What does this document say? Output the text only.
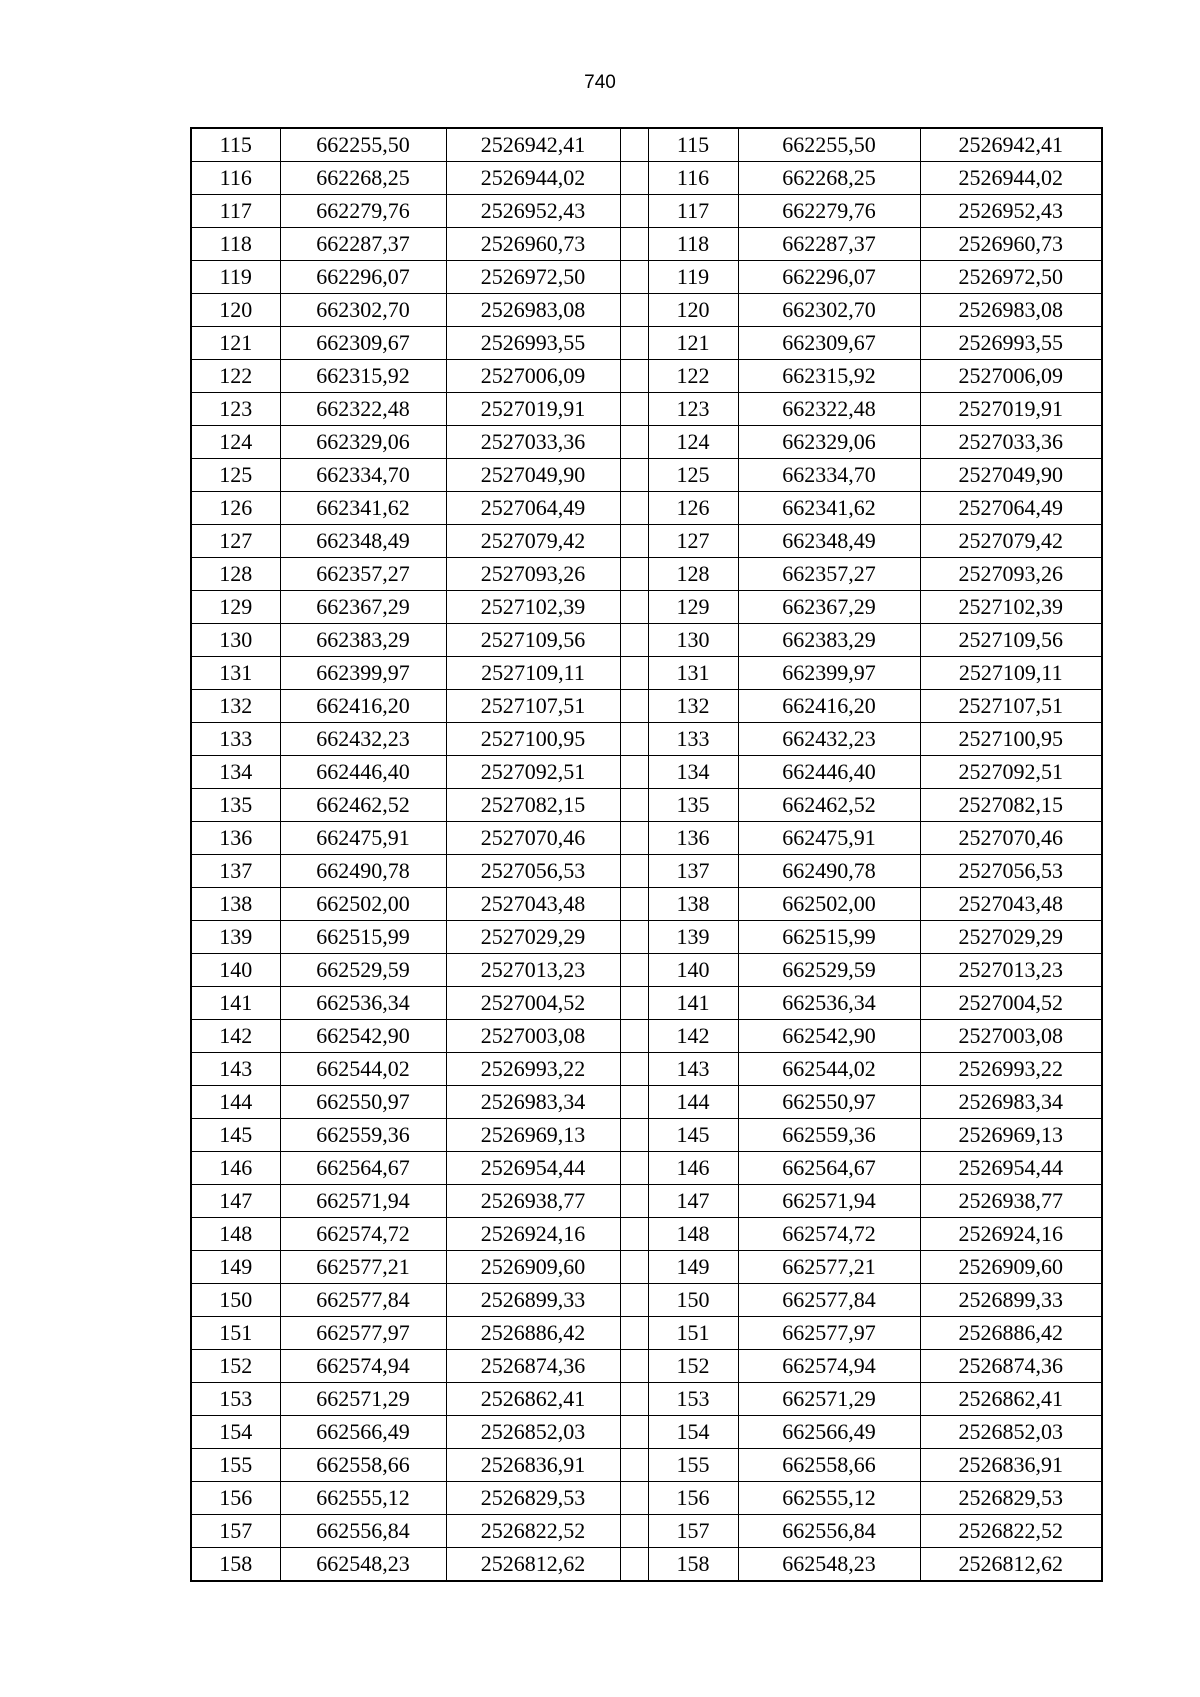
740
115	662255,50	2526942,41		115	662255,50	2526942,41
116	662268,25	2526944,02		116	662268,25	2526944,02
117	662279,76	2526952,43		117	662279,76	2526952,43
118	662287,37	2526960,73		118	662287,37	2526960,73
119	662296,07	2526972,50		119	662296,07	2526972,50
120	662302,70	2526983,08		120	662302,70	2526983,08
121	662309,67	2526993,55		121	662309,67	2526993,55
122	662315,92	2527006,09		122	662315,92	2527006,09
123	662322,48	2527019,91		123	662322,48	2527019,91
124	662329,06	2527033,36		124	662329,06	2527033,36
125	662334,70	2527049,90		125	662334,70	2527049,90
126	662341,62	2527064,49		126	662341,62	2527064,49
127	662348,49	2527079,42		127	662348,49	2527079,42
128	662357,27	2527093,26		128	662357,27	2527093,26
129	662367,29	2527102,39		129	662367,29	2527102,39
130	662383,29	2527109,56		130	662383,29	2527109,56
131	662399,97	2527109,11		131	662399,97	2527109,11
132	662416,20	2527107,51		132	662416,20	2527107,51
133	662432,23	2527100,95		133	662432,23	2527100,95
134	662446,40	2527092,51		134	662446,40	2527092,51
135	662462,52	2527082,15		135	662462,52	2527082,15
136	662475,91	2527070,46		136	662475,91	2527070,46
137	662490,78	2527056,53		137	662490,78	2527056,53
138	662502,00	2527043,48		138	662502,00	2527043,48
139	662515,99	2527029,29		139	662515,99	2527029,29
140	662529,59	2527013,23		140	662529,59	2527013,23
141	662536,34	2527004,52		141	662536,34	2527004,52
142	662542,90	2527003,08		142	662542,90	2527003,08
143	662544,02	2526993,22		143	662544,02	2526993,22
144	662550,97	2526983,34		144	662550,97	2526983,34
145	662559,36	2526969,13		145	662559,36	2526969,13
146	662564,67	2526954,44		146	662564,67	2526954,44
147	662571,94	2526938,77		147	662571,94	2526938,77
148	662574,72	2526924,16		148	662574,72	2526924,16
149	662577,21	2526909,60		149	662577,21	2526909,60
150	662577,84	2526899,33		150	662577,84	2526899,33
151	662577,97	2526886,42		151	662577,97	2526886,42
152	662574,94	2526874,36		152	662574,94	2526874,36
153	662571,29	2526862,41		153	662571,29	2526862,41
154	662566,49	2526852,03		154	662566,49	2526852,03
155	662558,66	2526836,91		155	662558,66	2526836,91
156	662555,12	2526829,53		156	662555,12	2526829,53
157	662556,84	2526822,52		157	662556,84	2526822,52
158	662548,23	2526812,62		158	662548,23	2526812,62
